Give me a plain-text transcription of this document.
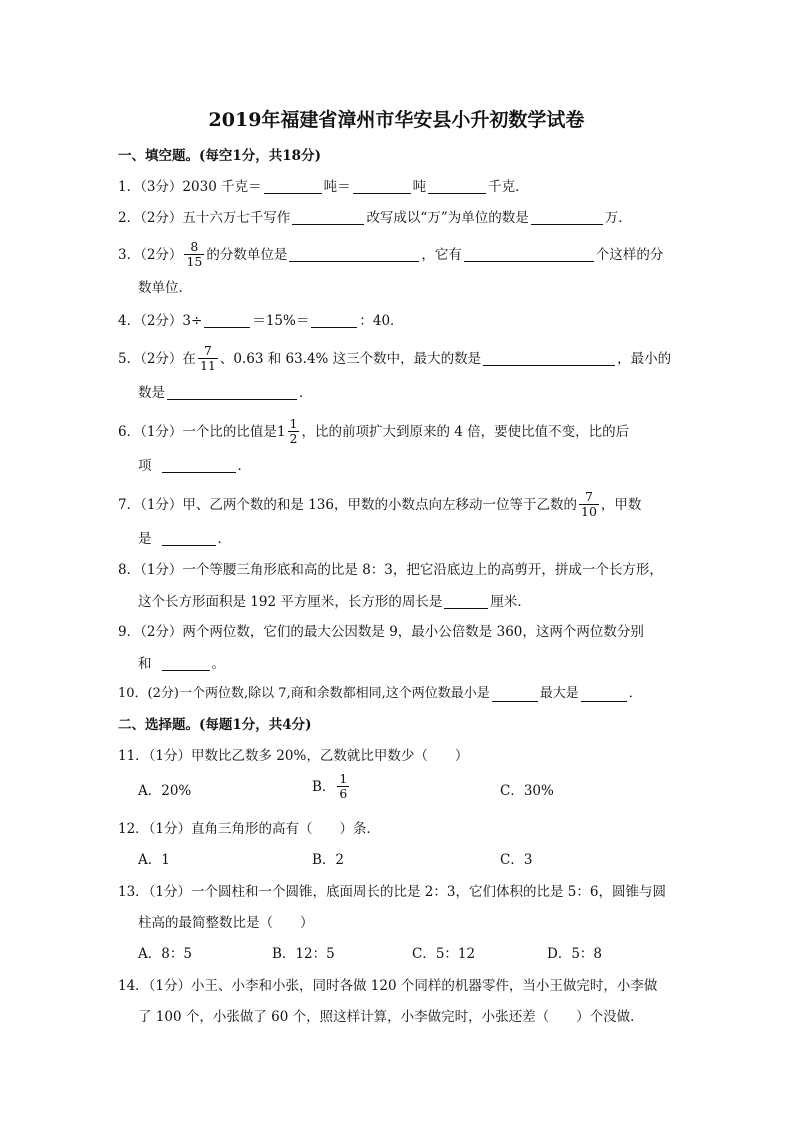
2019年福建省漳州市华安县小升初数学试卷
一、填空题。(每空1分，共18分)
1．（3分）2030 千克＝	吨＝	吨	千克．
2．（2分）五十六万七千写作	改写成以“万”为单位的数是	万．
3．（2分） $\frac{8}{15}$ 的分数单位是	，它有	个这样的分
数单位．
4．（2分）3÷	＝15%＝	：40．
5．（2分）在 $\frac{7}{11}$ 、0.63 和 63.4% 这三个数中，最大的数是	，最小的
数是	．
6．（1分）一个比的比值是 $1 \frac{1}{2}$ ，比的前项扩大到原来的 4 倍，要使比值不变，比的后
项	．
7．（1分）甲、乙两个数的和是 136，甲数的小数点向左移动一位等于乙数的 $\frac{7}{10}$ ，甲数
是	．
8．（1分）一个等腰三角形底和高的比是 8：3，把它沿底边上的高剪开，拼成一个长方形，
这个长方形面积是 192 平方厘米，长方形的周长是	厘米．
9．（2分）两个两位数，它们的最大公因数是 9，最小公倍数是 360，这两个两位数分别
和	。
10．(2分)一个两位数,除以 7,商和余数都相同,这个两位数最小是	最大是	．
二、选择题。(每题1分，共4分)
11．（1分）甲数比乙数多 20%，乙数就比甲数少（　　）
A．20%	B． $\frac{1}{6}$	C．30%
12．（1分）直角三角形的高有（　　）条．
A．1	B．2	C．3
13．（1分）一个圆柱和一个圆锥，底面周长的比是 2：3，它们体积的比是 5：6，圆锥与圆
柱高的最简整数比是（　　）
A．8：5	B．12：5	C．5：12	D．5：8
14．（1分）小王、小李和小张，同时各做 120 个同样的机器零件，当小王做完时，小李做
了 100 个，小张做了 60 个，照这样计算，小李做完时，小张还差（　　）个没做．
